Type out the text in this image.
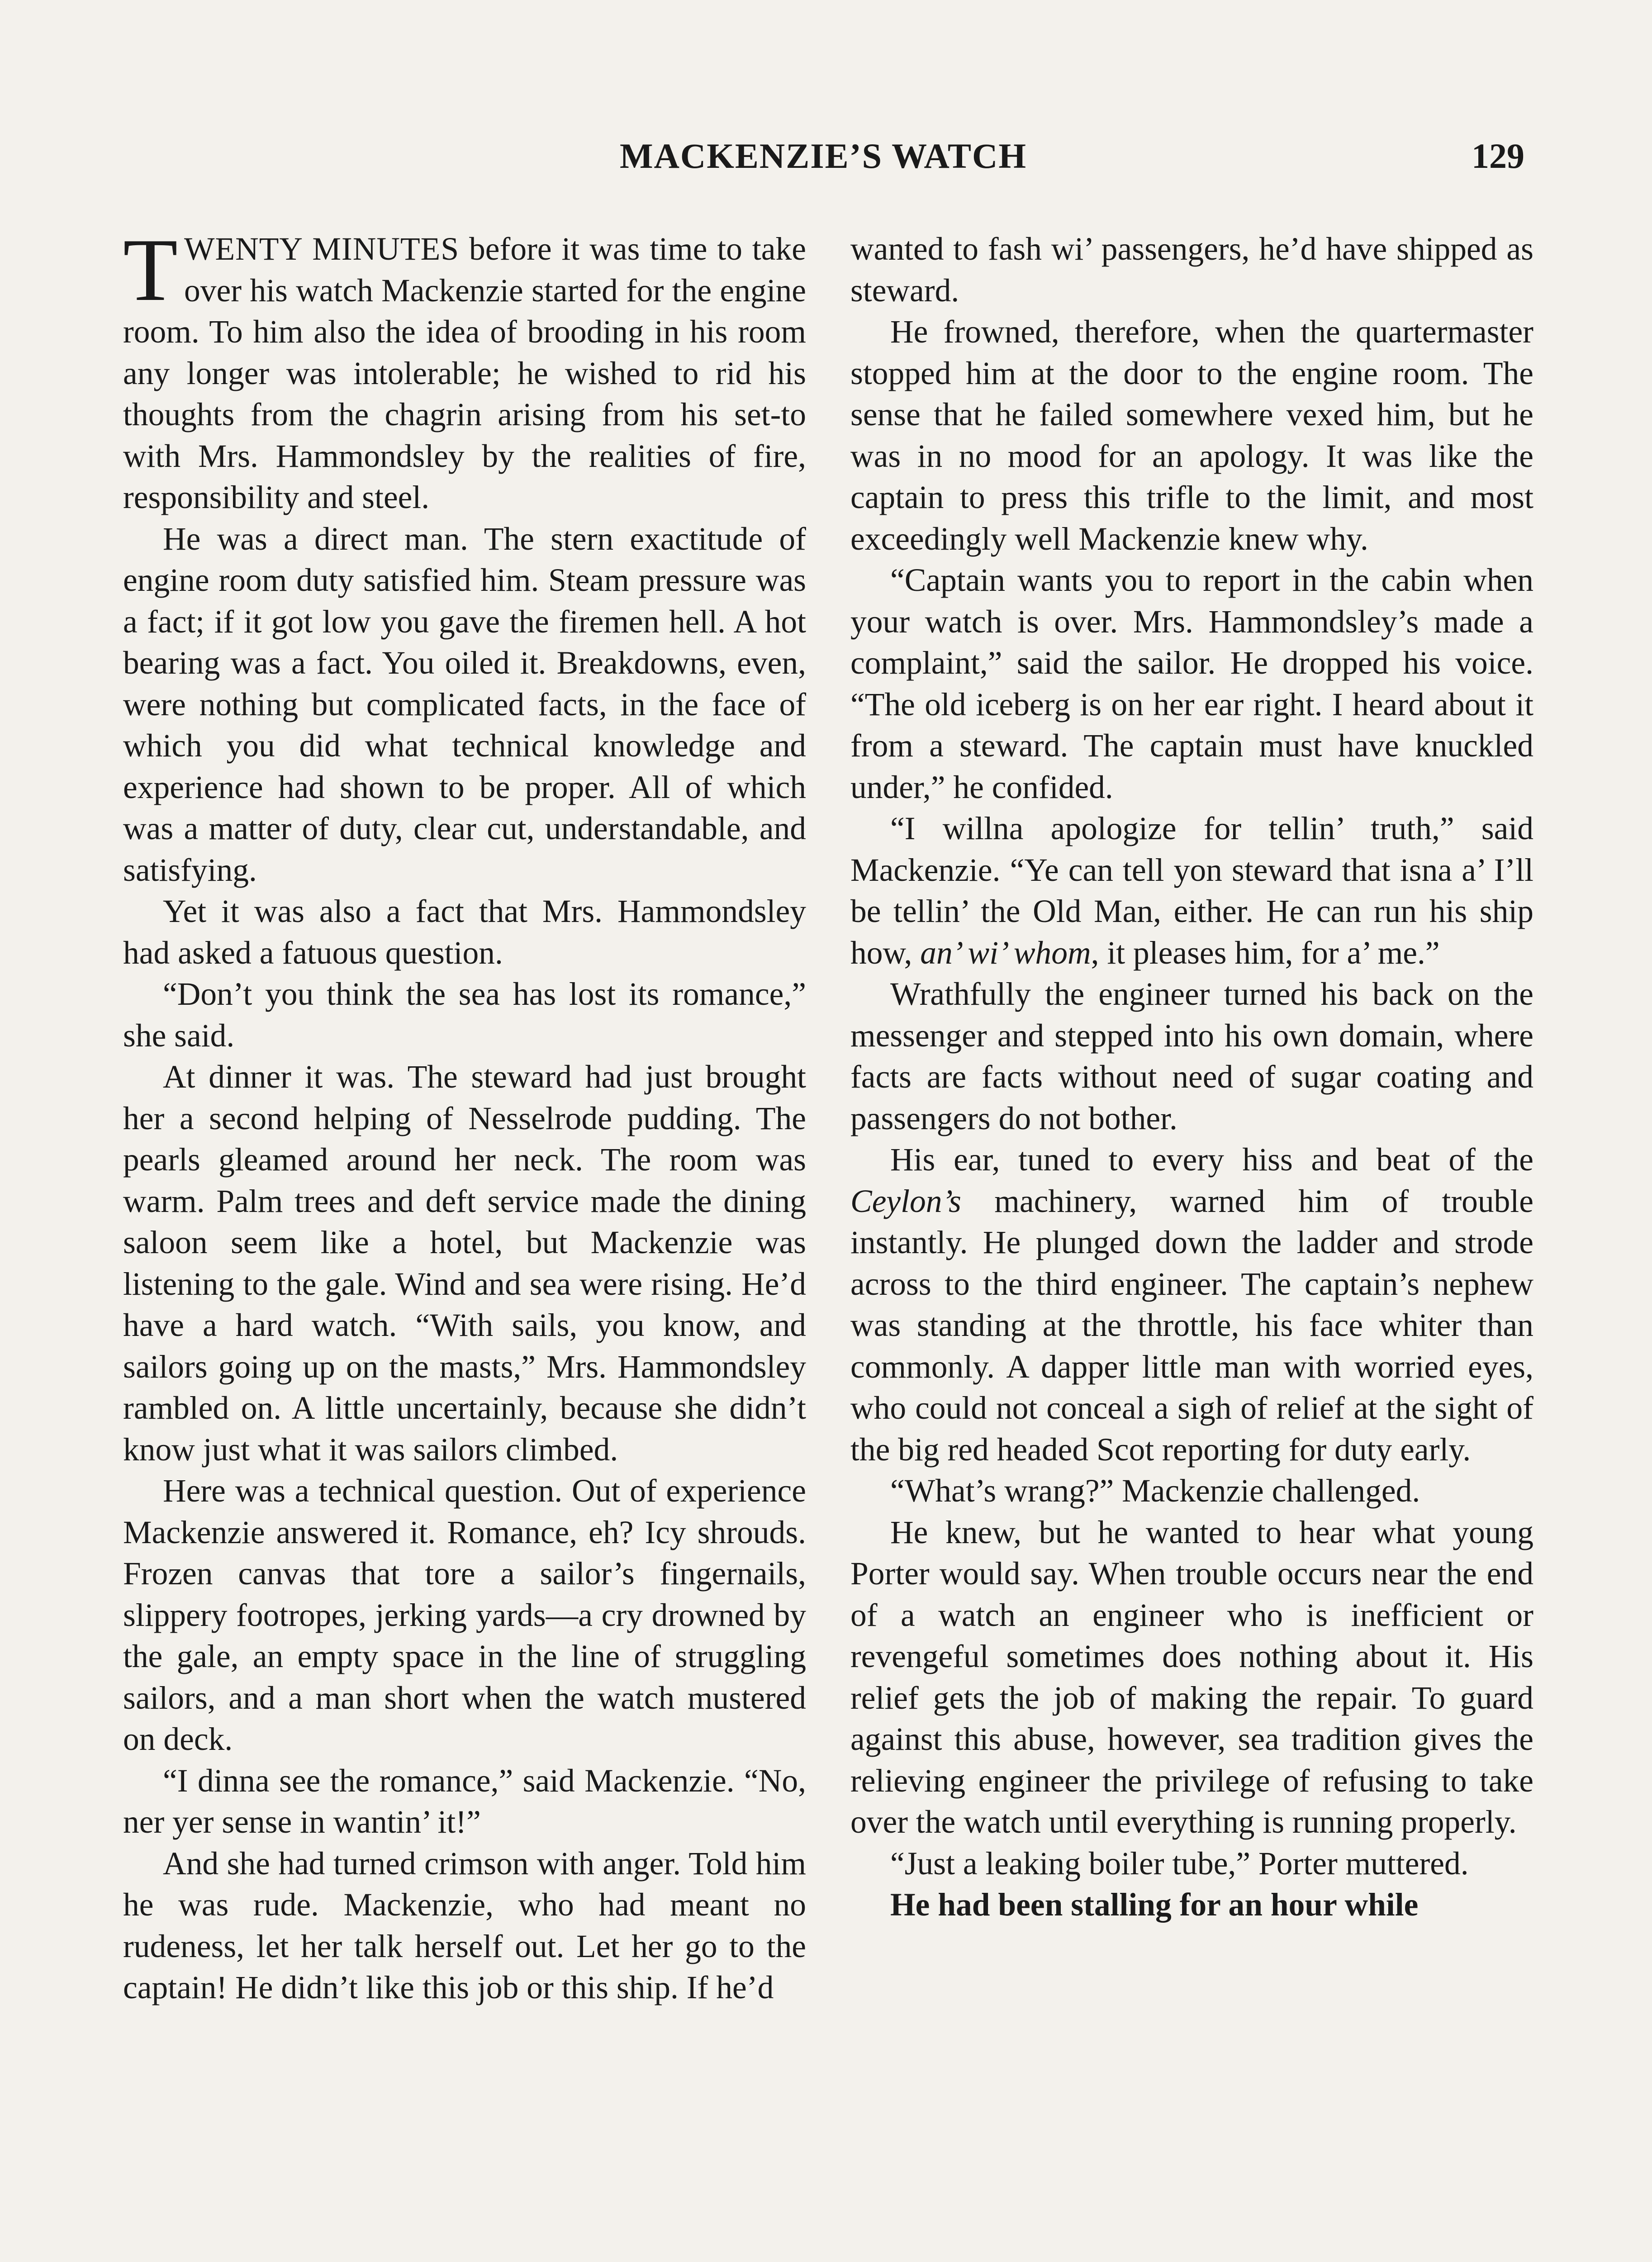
MACKENZIE’S WATCH	129

TWENTY MINUTES before it was time to take over his watch Mackenzie started for the engine room. To him also the idea of brooding in his room any longer was intolerable; he wished to rid his thoughts from the chagrin arising from his set-to with Mrs. Hammondsley by the realities of fire, responsibility and steel.

He was a direct man. The stern exactitude of engine room duty satisfied him. Steam pressure was a fact; if it got low you gave the firemen hell. A hot bearing was a fact. You oiled it. Breakdowns, even, were nothing but complicated facts, in the face of which you did what technical knowledge and experience had shown to be proper. All of which was a matter of duty, clear cut, understandable, and satisfying.

Yet it was also a fact that Mrs. Hammondsley had asked a fatuous question.

“Don’t you think the sea has lost its romance,” she said.

At dinner it was. The steward had just brought her a second helping of Nesselrode pudding. The pearls gleamed around her neck. The room was warm. Palm trees and deft service made the dining saloon seem like a hotel, but Mackenzie was listening to the gale. Wind and sea were rising. He’d have a hard watch. “With sails, you know, and sailors going up on the masts,” Mrs. Hammondsley rambled on. A little uncertainly, because she didn’t know just what it was sailors climbed.

Here was a technical question. Out of experience Mackenzie answered it. Romance, eh? Icy shrouds. Frozen canvas that tore a sailor’s fingernails, slippery footropes, jerking yards—a cry drowned by the gale, an empty space in the line of struggling sailors, and a man short when the watch mustered on deck.

“I dinna see the romance,” said Mackenzie. “No, ner yer sense in wantin’ it!”

And she had turned crimson with anger. Told him he was rude. Mackenzie, who had meant no rudeness, let her talk herself out. Let her go to the captain! He didn’t like this job or this ship. If he’d

wanted to fash wi’ passengers, he’d have shipped as steward.

He frowned, therefore, when the quartermaster stopped him at the door to the engine room. The sense that he failed somewhere vexed him, but he was in no mood for an apology. It was like the captain to press this trifle to the limit, and most exceedingly well Mackenzie knew why.

“Captain wants you to report in the cabin when your watch is over. Mrs. Hammondsley’s made a complaint,” said the sailor. He dropped his voice. “The old iceberg is on her ear right. I heard about it from a steward. The captain must have knuckled under,” he confided.

“I willna apologize for tellin’ truth,” said Mackenzie. “Ye can tell yon steward that isna a’ I’ll be tellin’ the Old Man, either. He can run his ship how, an’ wi’ whom, it pleases him, for a’ me.”

Wrathfully the engineer turned his back on the messenger and stepped into his own domain, where facts are facts without need of sugar coating and passengers do not bother.

His ear, tuned to every hiss and beat of the Ceylon’s machinery, warned him of trouble instantly. He plunged down the ladder and strode across to the third engineer. The captain’s nephew was standing at the throttle, his face whiter than commonly. A dapper little man with worried eyes, who could not conceal a sigh of relief at the sight of the big red headed Scot reporting for duty early.

“What’s wrang?” Mackenzie challenged.

He knew, but he wanted to hear what young Porter would say. When trouble occurs near the end of a watch an engineer who is inefficient or revengeful sometimes does nothing about it. His relief gets the job of making the repair. To guard against this abuse, however, sea tradition gives the relieving engineer the privilege of refusing to take over the watch until everything is running properly.

“Just a leaking boiler tube,” Porter muttered.

He had been stalling for an hour while
